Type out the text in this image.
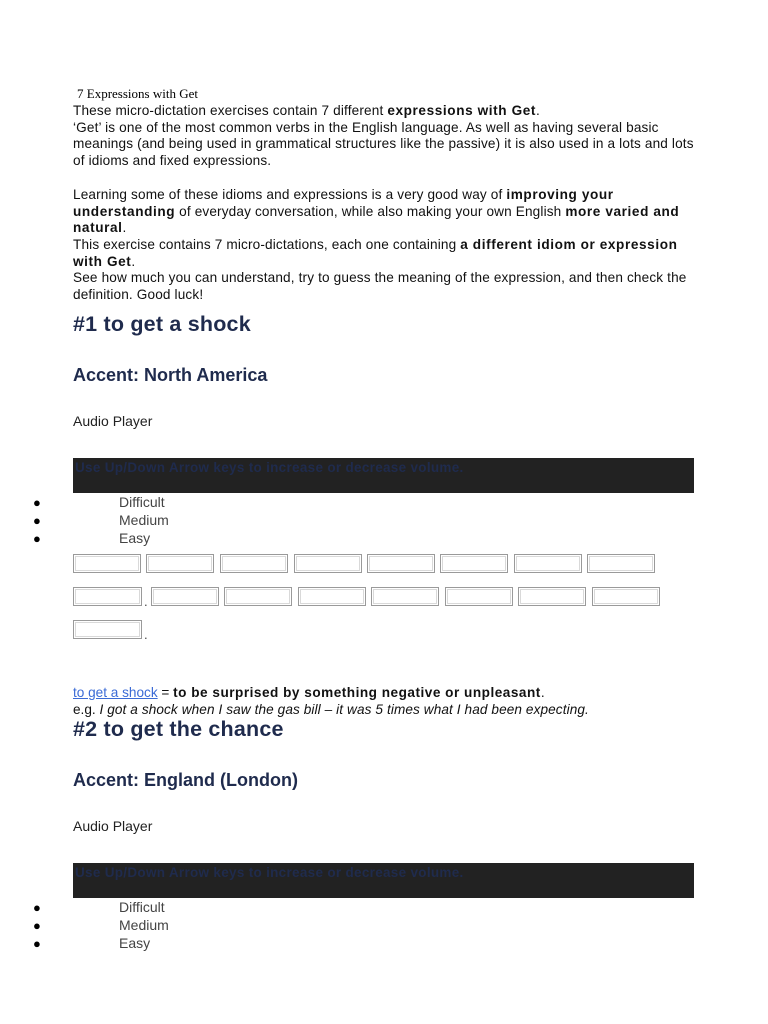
7 Expressions with Get

These micro-dictation exercises contain 7 different expressions with Get.

‘Get’ is one of the most common verbs in the English language. As well as having several basic meanings (and being used in grammatical structures like the passive) it is also used in a lots and lots of idioms and fixed expressions.

Learning some of these idioms and expressions is a very good way of improving your understanding of everyday conversation, while also making your own English more varied and natural.

This exercise contains 7 micro-dictations, each one containing a different idiom or expression with Get.

See how much you can understand, try to guess the meaning of the expression, and then check the definition. Good luck!

#1 to get a shock
Accent: North America
Audio Player
Use Up/Down Arrow keys to increase or decrease volume.
●	Difficult
●	Medium
●	Easy
.
.
to get a shock = to be surprised by something negative or unpleasant.
e.g. I got a shock when I saw the gas bill – it was 5 times what I had been expecting.
#2 to get the chance
Accent: England (London)
Audio Player
Use Up/Down Arrow keys to increase or decrease volume.
●	Difficult
●	Medium
●	Easy
